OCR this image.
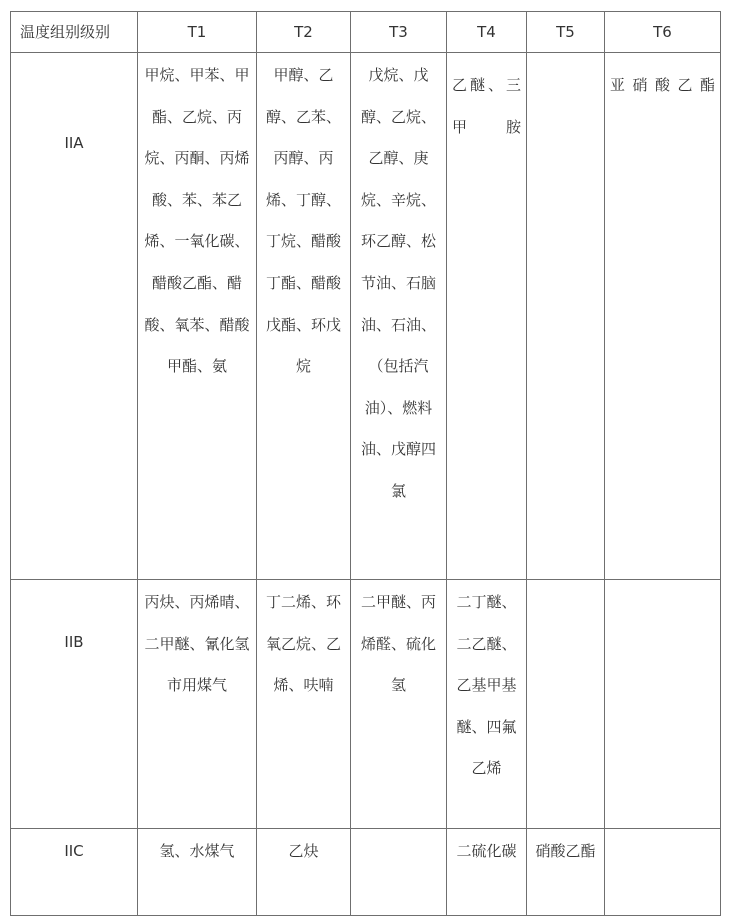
温度组别级别	T1	T2	T3	T4	T5	T6
IIA	甲烷、甲苯、甲酯、乙烷、丙烷、丙酮、丙烯酸、苯、苯乙烯、一氧化碳、醋酸乙酯、醋酸、氧苯、醋酸甲酯、氨	甲醇、乙醇、乙苯、丙醇、丙烯、丁醇、丁烷、醋酸丁酯、醋酸戊酯、环戊烷	戊烷、戊醇、乙烷、乙醇、庚烷、辛烷、环乙醇、松节油、石脑油、石油、（包括汽油）、燃料油、戊醇四氯	乙醚、三甲胺		亚硝酸乙酯
IIB	丙炔、丙烯晴、二甲醚、氰化氢市用煤气	丁二烯、环氧乙烷、乙烯、呋喃	二甲醚、丙烯醛、硫化氢	二丁醚、二乙醚、乙基甲基醚、四氟乙烯		
IIC	氢、水煤气	乙炔		二硫化碳	硝酸乙酯	
